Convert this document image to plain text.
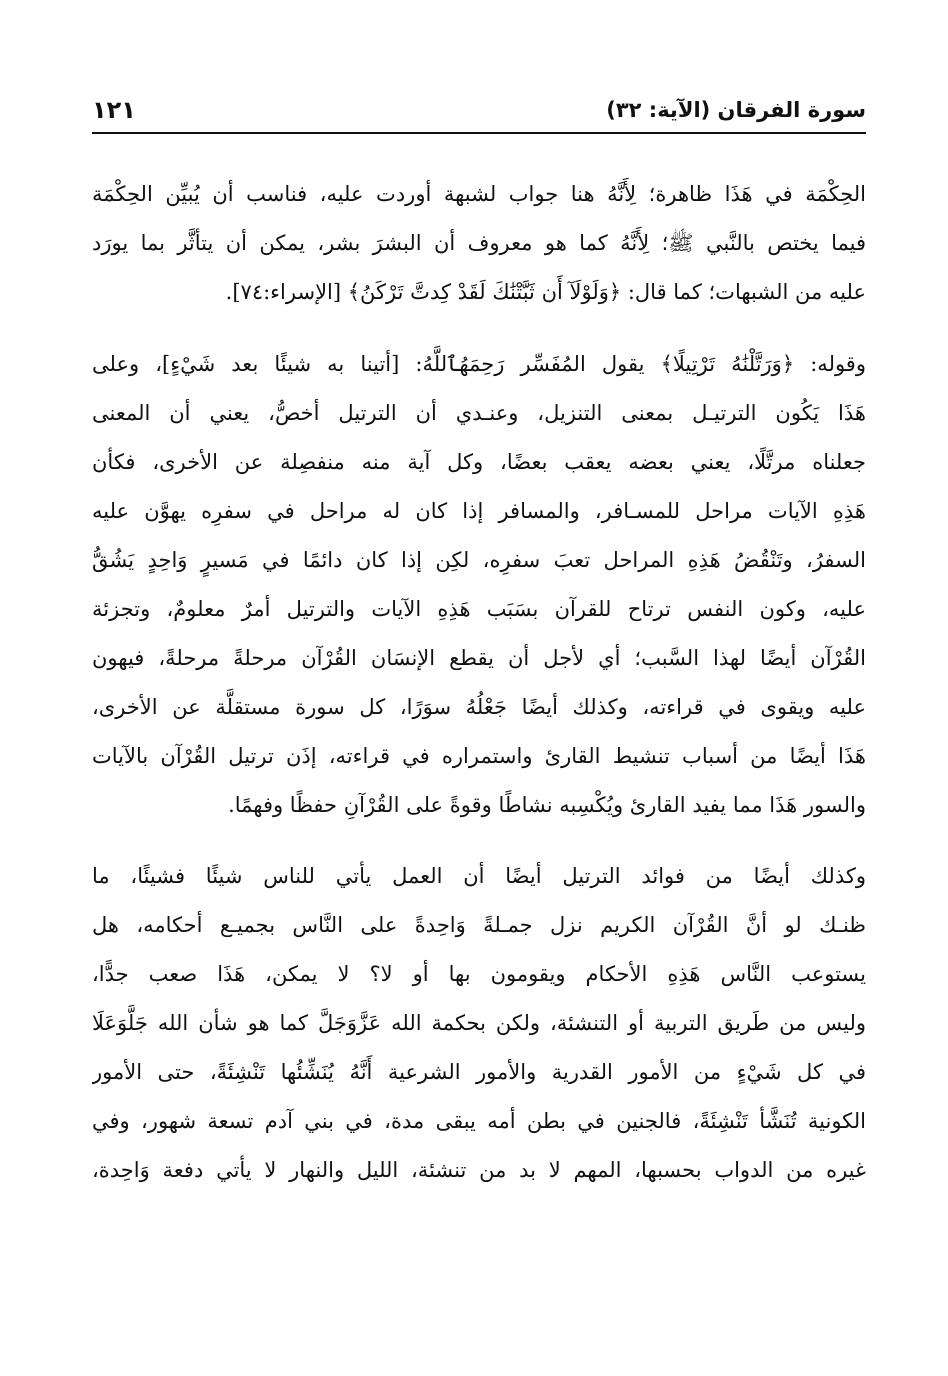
سورة الفرقان (الآية: ٣٢)
١٢١
الحِكْمَة في هَذَا ظاهرة؛ لِأَنَّهُ هنا جواب لشبهة أوردت عليه، فناسب أن يُبيِّن الحِكْمَة
فيما يختص بالنَّبي ﷺ؛ لِأَنَّهُ كما هو معروف أن البشرَ بشر، يمكن أن يتأثَّر بما يورَد
عليه من الشبهات؛ كما قال: ﴿وَلَوْلَآ أَن ثَبَّتْنَٰكَ لَقَدْ كِدتَّ تَرْكَنُ﴾ [الإسراء:٧٤].
وقوله: ﴿وَرَتَّلْنَٰهُ تَرْتِيلًا﴾ يقول المُفَسِّر رَحِمَهُٱللَّهُ: [أتينا به شيئًا بعد شَيْءٍ]، وعلى
هَذَا يَكُون الترتيـل بمعنى التنزيل، وعنـدي أن الترتيل أخصُّ، يعني أن المعنى
جعلناه مرتَّلًا، يعني بعضه يعقب بعضًا، وكل آية منه منفصِلة عن الأخرى، فكأن
هَذِهِ الآيات مراحل للمسـافر، والمسافر إذا كان له مراحل في سفرِه يهوَّن عليه
السفرُ، وتَنْقُضُ هَذِهِ المراحل تعبَ سفرِه، لكِن إذا كان دائمًا في مَسيرٍ وَاحِدٍ يَشُقُّ
عليه، وكون النفس ترتاح للقرآن بسَبَب هَذِهِ الآيات والترتيل أمرٌ معلومٌ، وتجزئة
القُرْآن أيضًا لهذا السَّبب؛ أي لأجل أن يقطع الإنسَان القُرْآن مرحلةً مرحلةً، فيهون
عليه ويقوى في قراءته، وكذلك أيضًا جَعْلُهُ سوَرًا، كل سورة مستقلَّة عن الأخرى،
هَذَا أيضًا من أسباب تنشيط القارئ واستمراره في قراءته، إذَن ترتيل القُرْآن بالآيات
والسور هَذَا مما يفيد القارئ ويُكْسِبه نشاطًا وقوةً على القُرْآنِ حفظًا وفهمًا.
وكذلك أيضًا من فوائد الترتيل أيضًا أن العمل يأتي للناس شيئًا فشيئًا، ما
ظنـك لو أنَّ القُرْآن الكريم نزل جمـلةً وَاحِدةً على النَّاس بجميـع أحكامه، هل
يستوعب النَّاس هَذِهِ الأحكام ويقومون بها أو لا؟ لا يمكن، هَذَا صعب جدًّا،
وليس من طَريق التربية أو التنشئة، ولكن بحكمة الله عَزَّوَجَلَّ كما هو شأن الله جَلَّوَعَلَا
في كل شَيْءٍ من الأمور القدرية والأمور الشرعية أَنَّهُ يُنَشِّئُها تَنْشِئَةً، حتى الأمور
الكونية تُنَشَّأ تَنْشِئَةً، فالجنين في بطن أمه يبقى مدة، في بني آدم تسعة شهور، وفي
غيره من الدواب بحسبها، المهم لا بد من تنشئة، الليل والنهار لا يأتي دفعة وَاحِدة،
